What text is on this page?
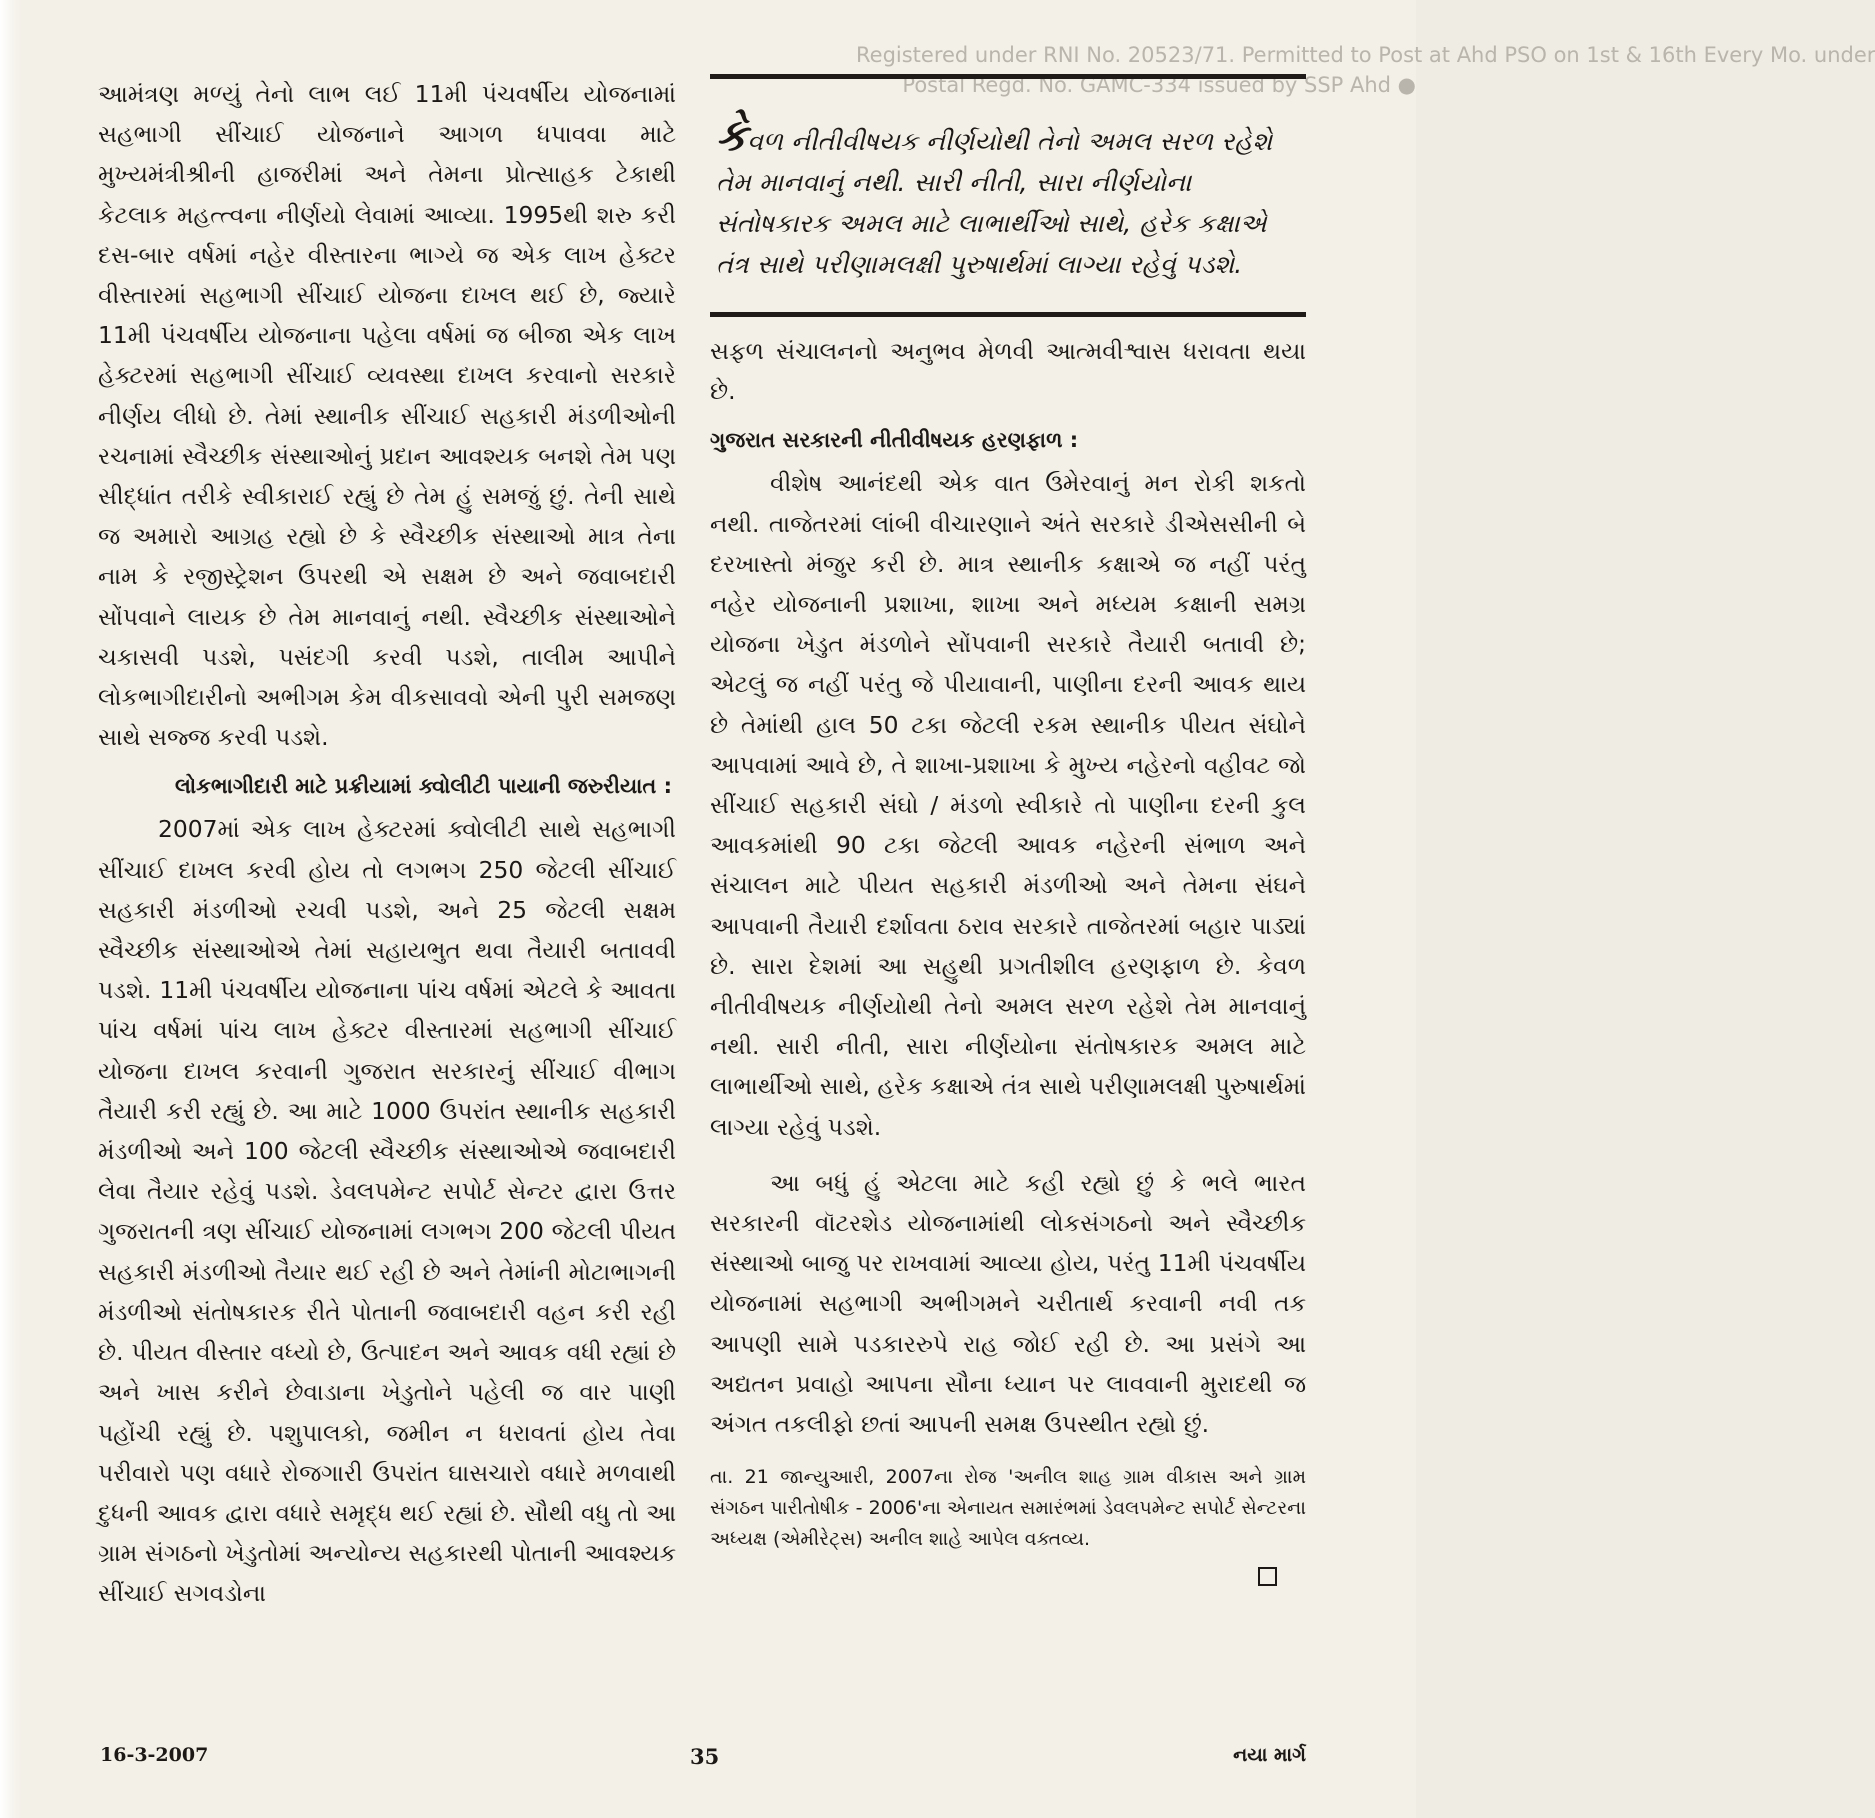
Registered under RNI No. 20523/71. Permitted to Post at Ahd PSO on 1st & 16th Every Mo. under
Postal Regd. No. GAMC-334 issued by SSP Ahd ●

આમંત્રણ મળ્યું તેનો લાભ લઈ 11મી પંચવર્ષીય યોજનામાં સહભાગી સીંચાઈ યોજનાને આગળ ધપાવવા માટે મુખ્યમંત્રીશ્રીની હાજરીમાં અને તેમના પ્રોત્સાહક ટેકાથી કેટલાક મહત્ત્વના નીર્ણયો લેવામાં આવ્યા. 1995થી શરુ કરી દસ-બાર વર્ષમાં નહેર વીસ્તારના ભાગ્યે જ એક લાખ હેક્ટર વીસ્તારમાં સહભાગી સીંચાઈ યોજના દાખલ થઈ છે, જ્યારે 11મી પંચવર્ષીય યોજનાના પહેલા વર્ષમાં જ બીજા એક લાખ હેક્ટરમાં સહભાગી સીંચાઈ વ્યવસ્થા દાખલ કરવાનો સરકારે નીર્ણય લીધો છે. તેમાં સ્થાનીક સીંચાઈ સહકારી મંડળીઓની રચનામાં સ્વૈચ્છીક સંસ્થાઓનું પ્રદાન આવશ્યક બનશે તેમ પણ સીદ્ધાંત તરીકે સ્વીકારાઈ રહ્યું છે તેમ હું સમજું છું. તેની સાથે જ અમારો આગ્રહ રહ્યો છે કે સ્વૈચ્છીક સંસ્થાઓ માત્ર તેના નામ કે રજીસ્ટ્રેશન ઉપરથી એ સક્ષમ છે અને જવાબદારી સોંપવાને લાયક છે તેમ માનવાનું નથી. સ્વૈચ્છીક સંસ્થાઓને ચકાસવી પડશે, પસંદગી કરવી પડશે, તાલીમ આપીને લોકભાગીદારીનો અભીગમ કેમ વીકસાવવો એની પુરી સમજણ સાથે સજ્જ કરવી પડશે.

લોકભાગીદારી માટે પ્રક્રીયામાં ક્વોલીટી પાયાની જરુરીયાત :

2007માં એક લાખ હેક્ટરમાં ક્વોલીટી સાથે સહભાગી સીંચાઈ દાખલ કરવી હોય તો લગભગ 250 જેટલી સીંચાઈ સહકારી મંડળીઓ રચવી પડશે, અને 25 જેટલી સક્ષમ સ્વૈચ્છીક સંસ્થાઓએ તેમાં સહાયભુત થવા તૈયારી બતાવવી પડશે. 11મી પંચવર્ષીય યોજનાના પાંચ વર્ષમાં એટલે કે આવતા પાંચ વર્ષમાં પાંચ લાખ હેક્ટર વીસ્તારમાં સહભાગી સીંચાઈ યોજના દાખલ કરવાની ગુજરાત સરકારનું સીંચાઈ વીભાગ તૈયારી કરી રહ્યું છે. આ માટે 1000 ઉપરાંત સ્થાનીક સહકારી મંડળીઓ અને 100 જેટલી સ્વૈચ્છીક સંસ્થાઓએ જવાબદારી લેવા તૈયાર રહેવું પડશે. ડેવલપમેન્ટ સપોર્ટ સેન્ટર દ્વારા ઉત્તર ગુજરાતની ત્રણ સીંચાઈ યોજનામાં લગભગ 200 જેટલી પીયત સહકારી મંડળીઓ તૈયાર થઈ રહી છે અને તેમાંની મોટાભાગની મંડળીઓ સંતોષકારક રીતે પોતાની જવાબદારી વહન કરી રહી છે. પીયત વીસ્તાર વધ્યો છે, ઉત્પાદન અને આવક વધી રહ્યાં છે અને ખાસ કરીને છેવાડાના ખેડુતોને પહેલી જ વાર પાણી પહોંચી રહ્યું છે. પશુપાલકો, જમીન ન ધરાવતાં હોય તેવા પરીવારો પણ વધારે રોજગારી ઉપરાંત ઘાસચારો વધારે મળવાથી દુધની આવક દ્વારા વધારે સમૃદ્ધ થઈ રહ્યાં છે. સૌથી વધુ તો આ ગ્રામ સંગઠનો ખેડુતોમાં અન્યોન્ય સહકારથી પોતાની આવશ્યક સીંચાઈ સગવડોના

કેવળ નીતીવીષયક નીર્ણયોથી તેનો અમલ સરળ રહેશે તેમ માનવાનું નથી. સારી નીતી, સારા નીર્ણયોના સંતોષકારક અમલ માટે લાભાર્થીઓ સાથે, હરેક કક્ષાએ તંત્ર સાથે પરીણામલક્ષી પુરુષાર્થમાં લાગ્યા રહેવું પડશે.

સફળ સંચાલનનો અનુભવ મેળવી આત્મવીશ્વાસ ધરાવતા થયા છે.

ગુજરાત સરકારની નીતીવીષયક હરણફાળ :

વીશેષ આનંદથી એક વાત ઉમેરવાનું મન રોકી શકતો નથી. તાજેતરમાં લાંબી વીચારણાને અંતે સરકારે ડીએસસીની બે દરખાસ્તો મંજુર કરી છે. માત્ર સ્થાનીક કક્ષાએ જ નહીં પરંતુ નહેર યોજનાની પ્રશાખા, શાખા અને મધ્યમ કક્ષાની સમગ્ર યોજના ખેડુત મંડળોને સોંપવાની સરકારે તૈયારી બતાવી છે; એટલું જ નહીં પરંતુ જે પીયાવાની, પાણીના દરની આવક થાય છે તેમાંથી હાલ 50 ટકા જેટલી રકમ સ્થાનીક પીયત સંઘોને આપવામાં આવે છે, તે શાખા-પ્રશાખા કે મુખ્ય નહેરનો વહીવટ જો સીંચાઈ સહકારી સંઘો / મંડળો સ્વીકારે તો પાણીના દરની કુલ આવકમાંથી 90 ટકા જેટલી આવક નહેરની સંભાળ અને સંચાલન માટે પીયત સહકારી મંડળીઓ અને તેમના સંઘને આપવાની તૈયારી દર્શાવતા ઠરાવ સરકારે તાજેતરમાં બહાર પાડ્યાં છે. સારા દેશમાં આ સહુથી પ્રગતીશીલ હરણફાળ છે. કેવળ નીતીવીષયક નીર્ણયોથી તેનો અમલ સરળ રહેશે તેમ માનવાનું નથી. સારી નીતી, સારા નીર્ણયોના સંતોષકારક અમલ માટે લાભાર્થીઓ સાથે, હરેક કક્ષાએ તંત્ર સાથે પરીણામલક્ષી પુરુષાર્થમાં લાગ્યા રહેવું પડશે.

આ બધું હું એટલા માટે કહી રહ્યો છું કે ભલે ભારત સરકારની વૉટરશેડ યોજનામાંથી લોકસંગઠનો અને સ્વૈચ્છીક સંસ્થાઓ બાજુ પર રાખવામાં આવ્યા હોય, પરંતુ 11મી પંચવર્ષીય યોજનામાં સહભાગી અભીગમને ચરીતાર્થ કરવાની નવી તક આપણી સામે પડકારરુપે રાહ જોઈ રહી છે. આ પ્રસંગે આ અદ્યતન પ્રવાહો આપના સૌના ધ્યાન પર લાવવાની મુરાદથી જ અંગત તકલીફો છતાં આપની સમક્ષ ઉપસ્થીત રહ્યો છું.

તા. 21 જાન્યુઆરી, 2007ના રોજ 'અનીલ શાહ ગ્રામ વીકાસ અને ગ્રામ સંગઠન પારીતોષીક - 2006'ના એનાયત સમારંભમાં ડેવલપમેન્ટ સપોર્ટ સેન્ટરના અધ્યક્ષ (એમીરેટ્સ) અનીલ શાહે આપેલ વક્તવ્ય.

16-3-2007	35	નયા માર્ગ
